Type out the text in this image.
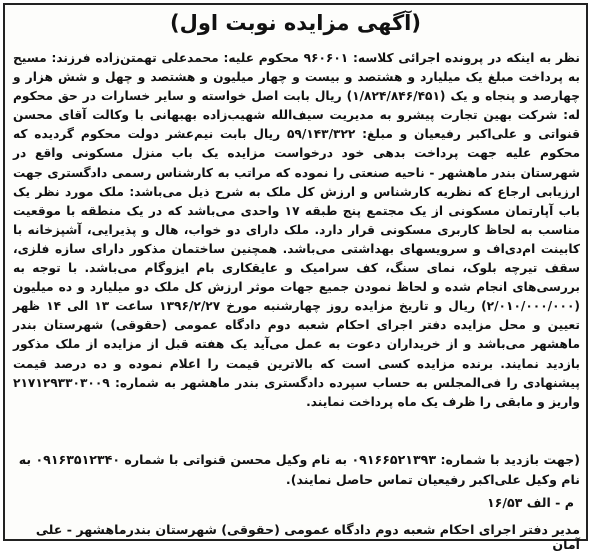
(آگهی مزایده نوبت اول)

نظر به اینکه در پرونده اجرائی کلاسه: ۹۶۰۶۰۱ محکوم علیه: محمدعلی تهمتن‌زاده فرزند: مسیح به پرداخت مبلغ یک میلیارد و هشتصد و بیست و چهار میلیون و هشتصد و چهل و شش هزار و چهارصد و پنجاه و یک (۱/۸۲۴/۸۴۶/۴۵۱) ریال بابت اصل خواسته و سایر خسارات در حق محکوم له: شرکت بهین تجارت پیشرو به مدیریت سیف‌الله شهیب‌زاده بهبهانی با وکالت آقای محسن قنواتی و علی‌اکبر رفیعیان و مبلغ: ۵۹/۱۴۳/۳۲۲ ریال بابت نیم‌عشر دولت محکوم گردیده که محکوم علیه جهت پرداخت بدهی خود درخواست مزایده یک باب منزل مسکونی واقع در شهرستان بندر ماهشهر - ناحیه صنعتی را نموده که مراتب به کارشناس رسمی دادگستری جهت ارزیابی ارجاع که نظریه کارشناس و ارزش کل ملک به شرح ذیل می‌باشد: ملک مورد نظر یک باب آپارتمان مسکونی از یک مجتمع پنج طبقه ۱۷ واحدی می‌باشد که در یک منطقه با موقعیت مناسب به لحاظ کاربری مسکونی قرار دارد. ملک دارای دو خواب، هال و پذیرایی، آشپزخانه با کابینت ام‌دی‌اف و سرویسهای بهداشتی می‌باشد. همچنین ساختمان مذکور دارای سازه فلزی، سقف تیرچه بلوک، نمای سنگ، کف سرامیک و عایقکاری بام ایزوگام می‌باشد. با توجه به بررسی‌های انجام شده و لحاظ نمودن جمیع جهات موثر ارزش کل ملک دو میلیارد و ده میلیون (۲/۰۱۰/۰۰۰/۰۰۰) ریال و تاریخ مزایده روز چهارشنبه مورخ ۱۳۹۶/۲/۲۷ ساعت ۱۳ الی ۱۴ ظهر تعیین و محل مزایده دفتر اجرای احکام شعبه دوم دادگاه عمومی (حقوقی) شهرستان بندر ماهشهر می‌باشد و از خریداران دعوت به عمل می‌آید یک هفته قبل از مزایده از ملک مذکور بازدید نمایند. برنده مزایده کسی است که بالاترین قیمت را اعلام نموده و ده درصد قیمت پیشنهادی را فی‌المجلس به حساب سپرده دادگستری بندر ماهشهر به شماره: ۲۱۷۱۲۹۳۳۰۳۰۰۹ واریز و مابقی را ظرف یک ماه پرداخت نمایند.

(جهت بازدید با شماره: ۰۹۱۶۶۵۲۱۳۹۳ به نام وکیل محسن قنواتی با شماره ۰۹۱۶۳۵۱۲۳۴۰ به نام وکیل علی‌اکبر رفیعیان تماس حاصل نمایند).
م - الف ۱۶/۵۳
مدیر دفتر اجرای احکام شعبه دوم دادگاه عمومی (حقوقی) شهرستان بندرماهشهر - علی آمان
